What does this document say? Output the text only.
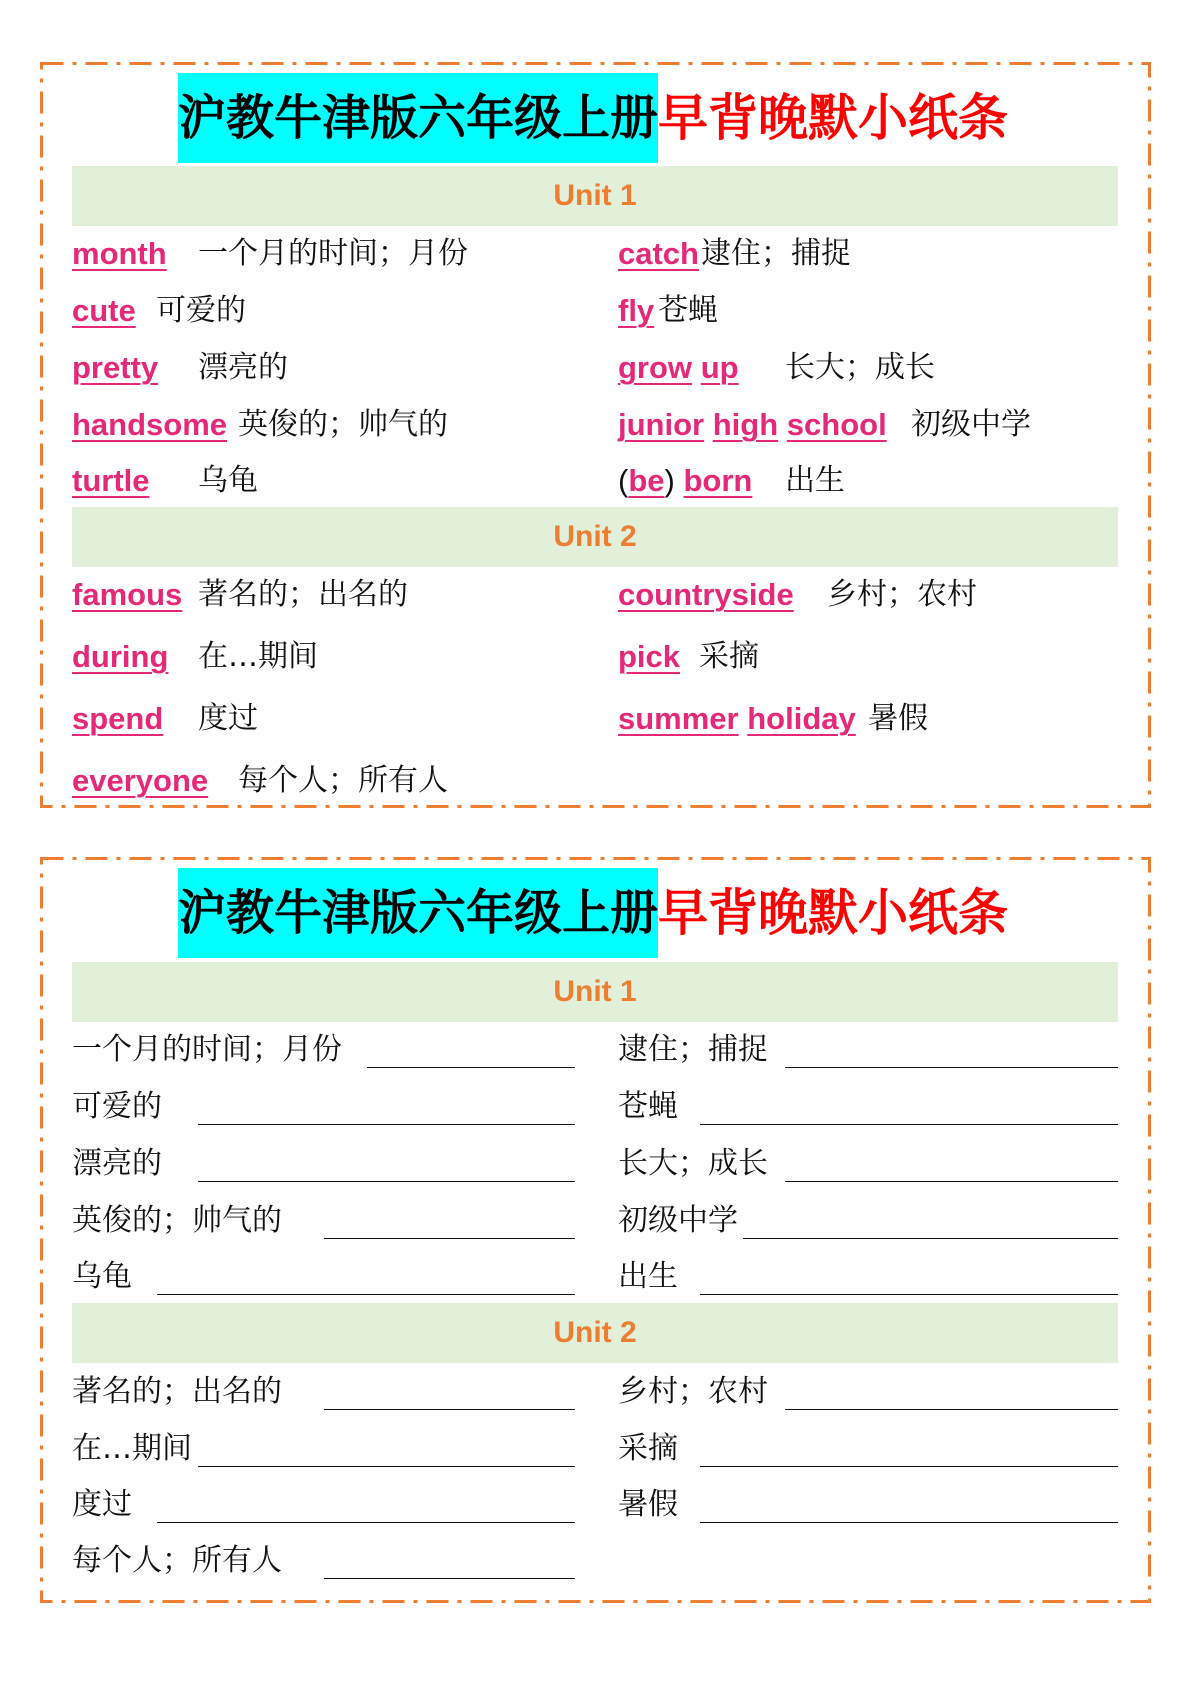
沪教牛津版六年级上册早背晚默小纸条
Unit 1
month 一个月的时间；月份	catch 逮住；捕捉
cute 可爱的	fly 苍蝇
pretty 漂亮的	grow up 长大；成长
handsome 英俊的；帅气的	junior high school 初级中学
turtle 乌龟	(be) born 出生
Unit 2
famous 著名的；出名的	countryside 乡村；农村
during 在…期间	pick 采摘
spend 度过	summer holiday 暑假
everyone 每个人；所有人
沪教牛津版六年级上册早背晚默小纸条
Unit 1
一个月的时间；月份	逮住；捕捉
可爱的	苍蝇
漂亮的	长大；成长
英俊的；帅气的	初级中学
乌龟	出生
Unit 2
著名的；出名的	乡村；农村
在…期间	采摘
度过	暑假
每个人；所有人
